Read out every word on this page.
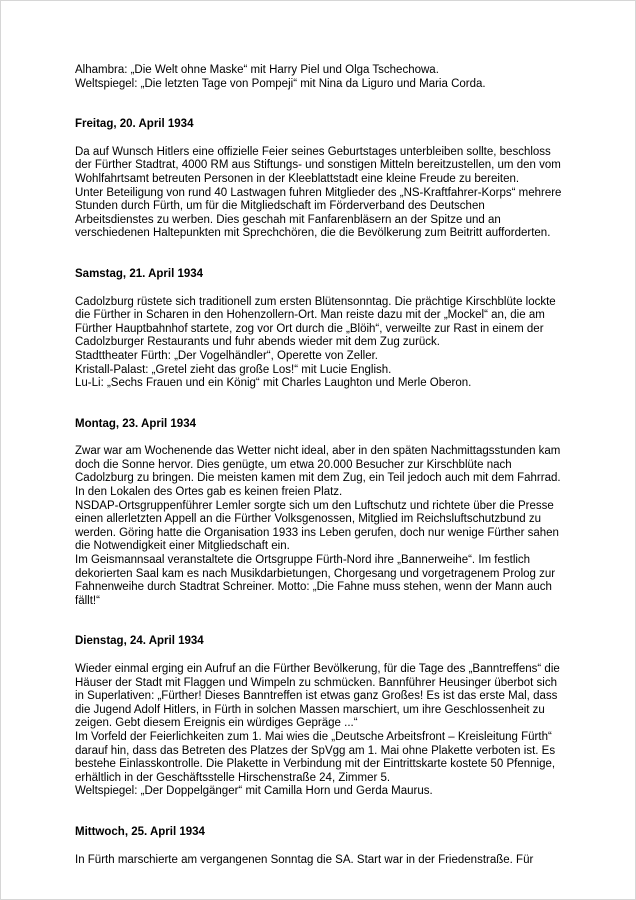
Alhambra: „Die Welt ohne Maske“ mit Harry Piel und Olga Tschechowa.

Weltspiegel: „Die letzten Tage von Pompeji“ mit Nina da Liguro und Maria Corda.

Freitag, 20. April 1934

Da auf Wunsch Hitlers eine offizielle Feier seines Geburtstages unterbleiben sollte, beschloss der Fürther Stadtrat, 4000 RM aus Stiftungs- und sonstigen Mitteln bereitzustellen, um den vom Wohlfahrtsamt betreuten Personen in der Kleeblattstadt eine kleine Freude zu bereiten.

Unter Beteiligung von rund 40 Lastwagen fuhren Mitglieder des „NS-Kraftfahrer-Korps“ mehrere Stunden durch Fürth, um für die Mitgliedschaft im Förderverband des Deutschen Arbeitsdienstes zu werben. Dies geschah mit Fanfarenbläsern an der Spitze und an verschiedenen Haltepunkten mit Sprechchören, die die Bevölkerung zum Beitritt aufforderten.

Samstag, 21. April 1934

Cadolzburg rüstete sich traditionell zum ersten Blütensonntag. Die prächtige Kirschblüte lockte die Fürther in Scharen in den Hohenzollern-Ort. Man reiste dazu mit der „Mockel“ an, die am Fürther Hauptbahnhof startete, zog vor Ort durch die „Blöih“, verweilte zur Rast in einem der Cadolzburger Restaurants und fuhr abends wieder mit dem Zug zurück.

Stadttheater Fürth: „Der Vogelhändler“, Operette von Zeller.

Kristall-Palast: „Gretel zieht das große Los!“ mit Lucie English.

Lu-Li: „Sechs Frauen und ein König“ mit Charles Laughton und Merle Oberon.

Montag, 23. April 1934

Zwar war am Wochenende das Wetter nicht ideal, aber in den späten Nachmittagsstunden kam doch die Sonne hervor. Dies genügte, um etwa 20.000 Besucher zur Kirschblüte nach Cadolzburg zu bringen. Die meisten kamen mit dem Zug, ein Teil jedoch auch mit dem Fahrrad. In den Lokalen des Ortes gab es keinen freien Platz.

NSDAP-Ortsgruppenführer Lemler sorgte sich um den Luftschutz und richtete über die Presse einen allerletzten Appell an die Fürther Volksgenossen, Mitglied im Reichsluftschutzbund zu werden. Göring hatte die Organisation 1933 ins Leben gerufen, doch nur wenige Fürther sahen die Notwendigkeit einer Mitgliedschaft ein.

Im Geismannsaal veranstaltete die Ortsgruppe Fürth-Nord ihre „Bannerweihe“. Im festlich dekorierten Saal kam es nach Musikdarbietungen, Chorgesang und vorgetragenem Prolog zur Fahnenweihe durch Stadtrat Schreiner. Motto: „Die Fahne muss stehen, wenn der Mann auch fällt!“

Dienstag, 24. April 1934

Wieder einmal erging ein Aufruf an die Fürther Bevölkerung, für die Tage des „Banntreffens“ die Häuser der Stadt mit Flaggen und Wimpeln zu schmücken. Bannführer Heusinger überbot sich in Superlativen: „Fürther! Dieses Banntreffen ist etwas ganz Großes! Es ist das erste Mal, dass die Jugend Adolf Hitlers, in Fürth in solchen Massen marschiert, um ihre Geschlossenheit zu zeigen. Gebt diesem Ereignis ein würdiges Gepräge ...“

Im Vorfeld der Feierlichkeiten zum 1. Mai wies die „Deutsche Arbeitsfront – Kreisleitung Fürth“ darauf hin, dass das Betreten des Platzes der SpVgg am 1. Mai ohne Plakette verboten ist. Es bestehe Einlasskontrolle. Die Plakette in Verbindung mit der Eintrittskarte kostete 50 Pfennige, erhältlich in der Geschäftsstelle Hirschenstraße 24, Zimmer 5.

Weltspiegel: „Der Doppelgänger“ mit Camilla Horn und Gerda Maurus.

Mittwoch, 25. April 1934

In Fürth marschierte am vergangenen Sonntag die SA. Start war in der Friedenstraße. Für
